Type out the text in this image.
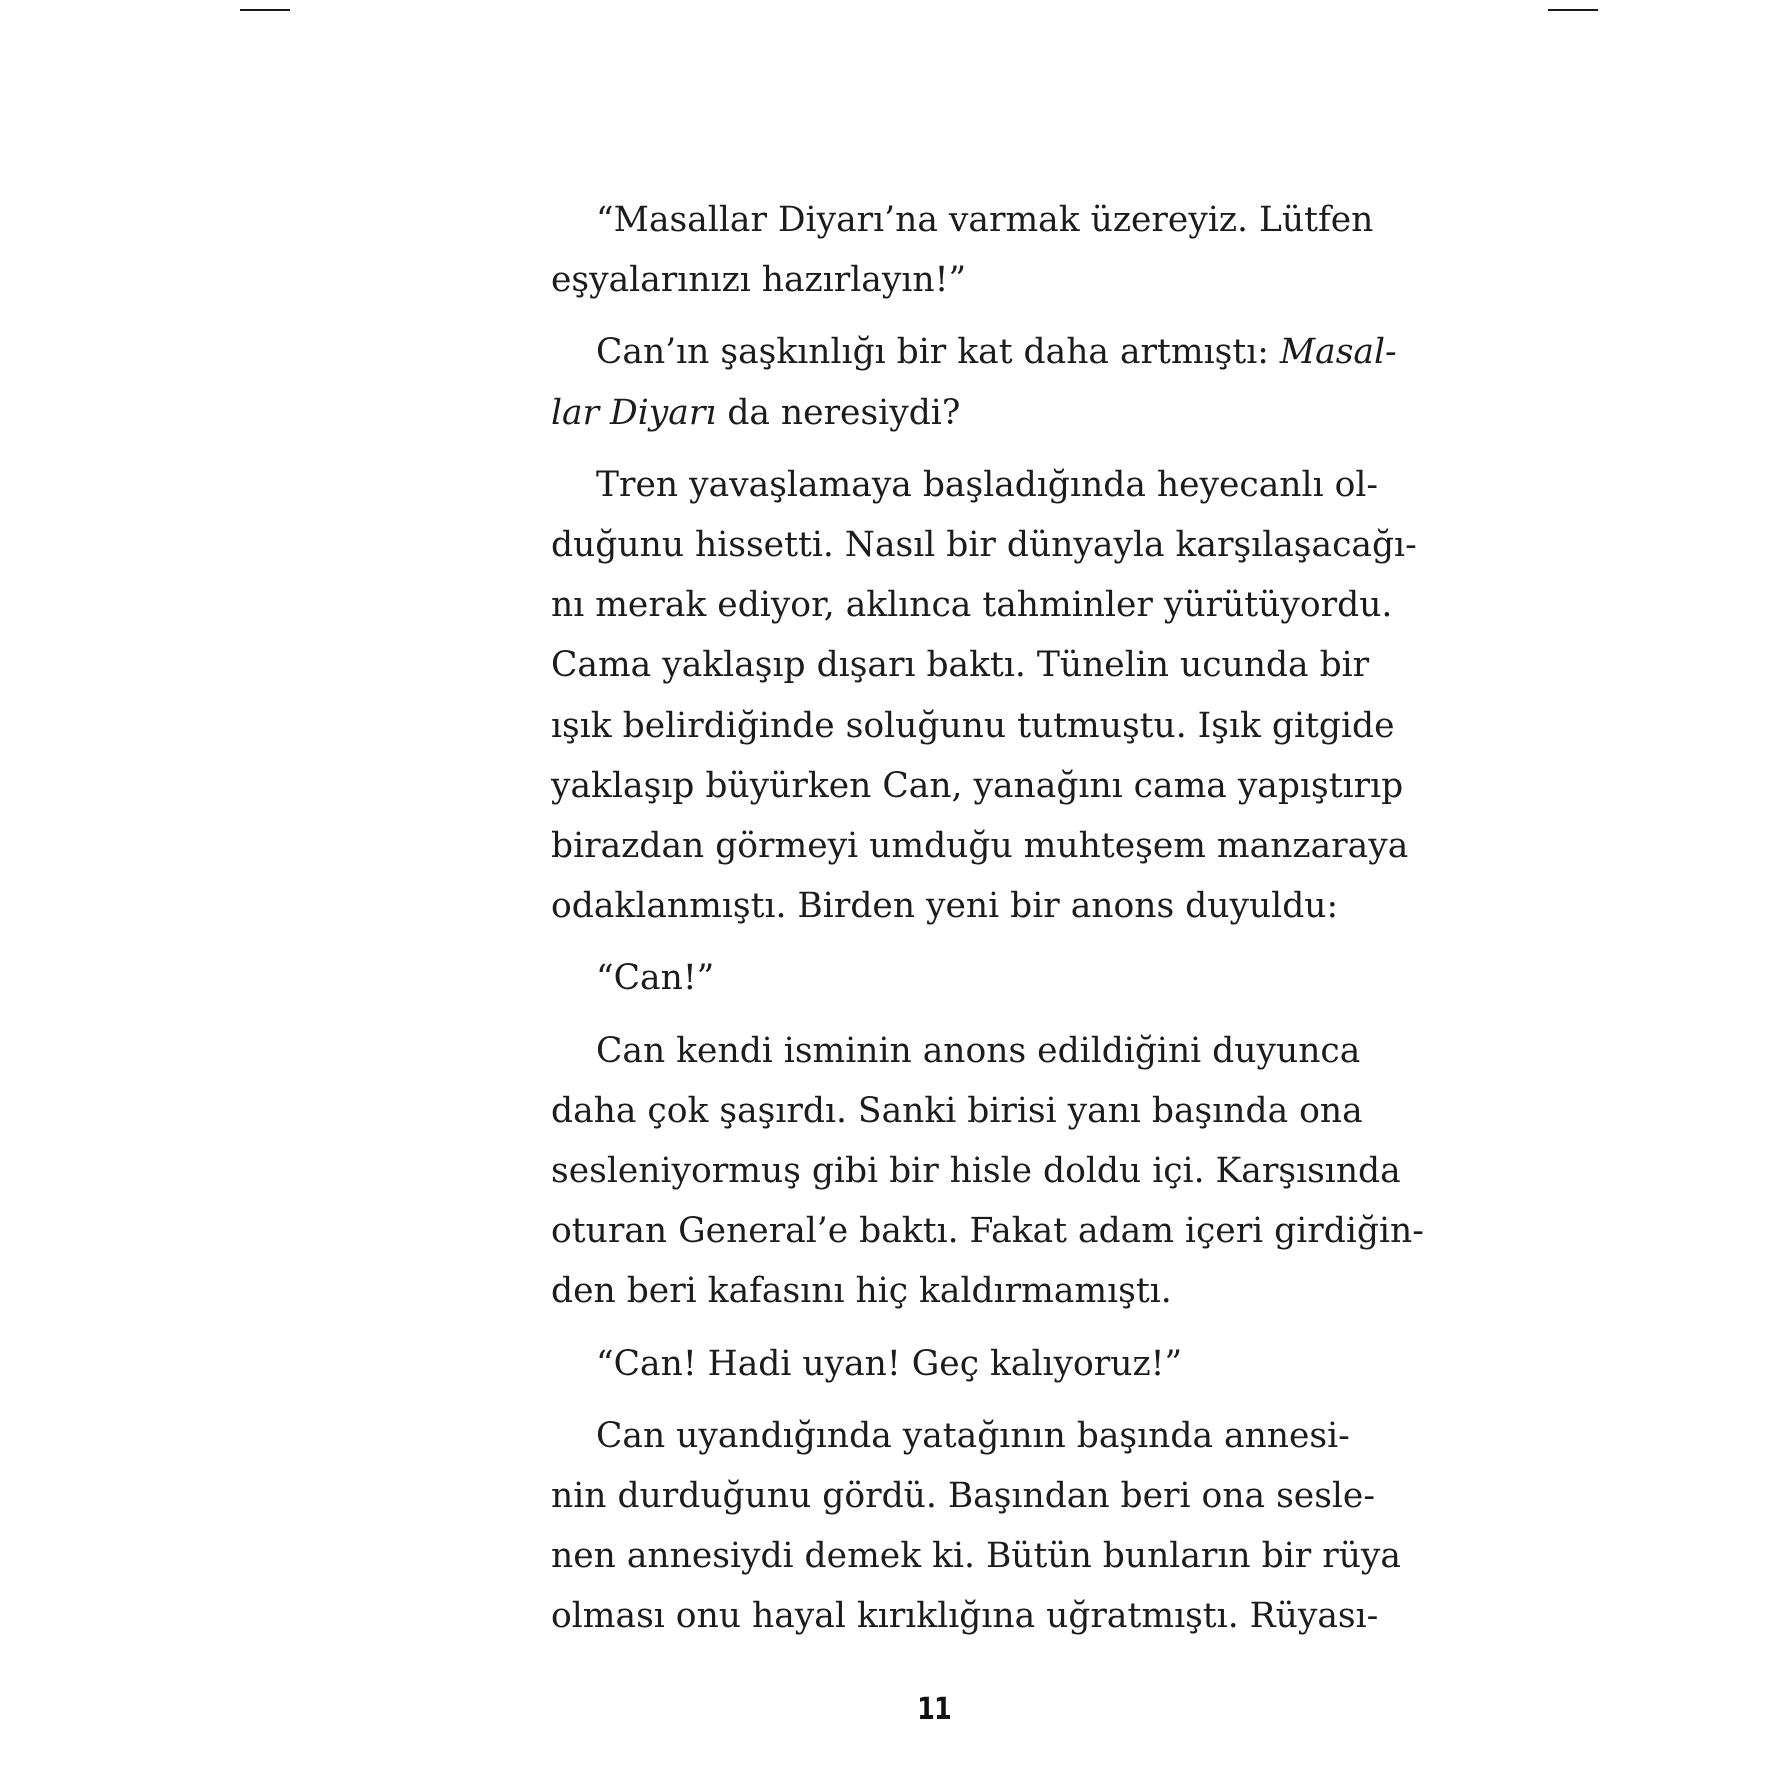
“Masallar Diyarı’na varmak üzereyiz. Lütfen
eşyalarınızı hazırlayın!”
Can’ın şaşkınlığı bir kat daha artmıştı: Masal-
lar Diyarı da neresiydi?
Tren yavaşlamaya başladığında heyecanlı ol-
duğunu hissetti. Nasıl bir dünyayla karşılaşacağı-
nı merak ediyor, aklınca tahminler yürütüyordu.
Cama yaklaşıp dışarı baktı. Tünelin ucunda bir
ışık belirdiğinde soluğunu tutmuştu. Işık gitgide
yaklaşıp büyürken Can, yanağını cama yapıştırıp
birazdan görmeyi umduğu muhteşem manzaraya
odaklanmıştı. Birden yeni bir anons duyuldu:
“Can!”
Can kendi isminin anons edildiğini duyunca
daha çok şaşırdı. Sanki birisi yanı başında ona
sesleniyormuş gibi bir hisle doldu içi. Karşısında
oturan General’e baktı. Fakat adam içeri girdiğin-
den beri kafasını hiç kaldırmamıştı.
“Can! Hadi uyan! Geç kalıyoruz!”
Can uyandığında yatağının başında annesi-
nin durduğunu gördü. Başından beri ona sesle-
nen annesiydi demek ki. Bütün bunların bir rüya
olması onu hayal kırıklığına uğratmıştı. Rüyası-
11
